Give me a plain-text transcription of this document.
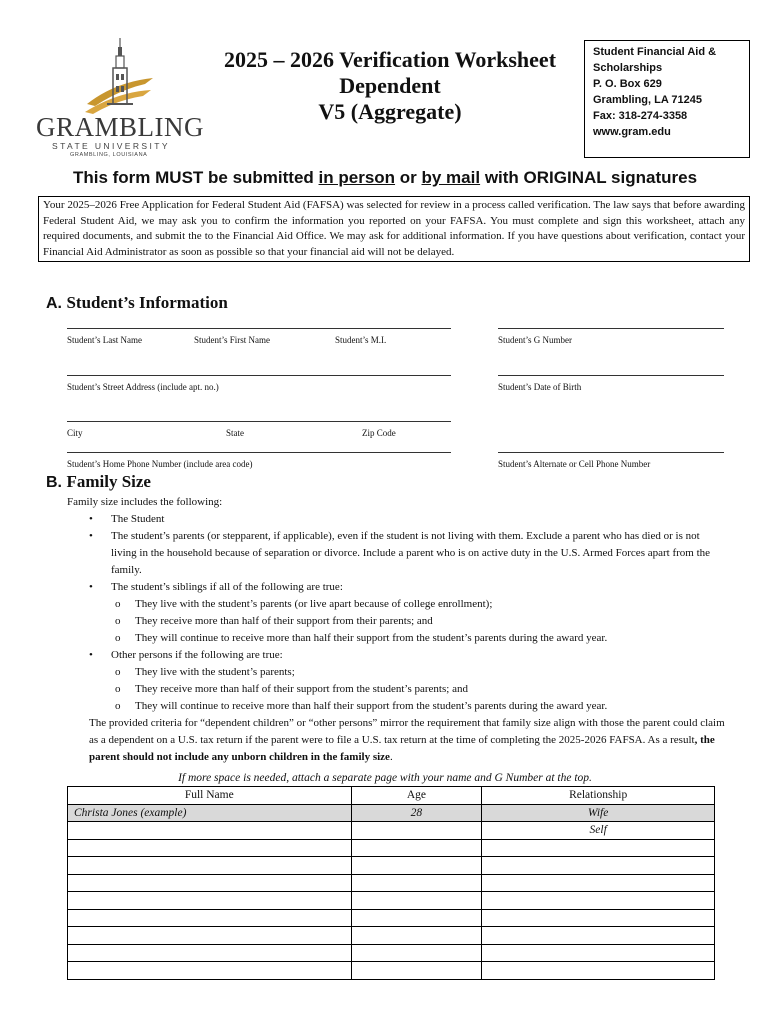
GRAMBLING
STATE UNIVERSITY
GRAMBLING, LOUISIANA
2025 – 2026 Verification Worksheet
Dependent
V5 (Aggregate)
Student Financial Aid &
Scholarships
P. O. Box 629
Grambling, LA 71245
Fax: 318-274-3358
www.gram.edu
This form MUST be submitted in person or by mail with ORIGINAL signatures
Your 2025–2026 Free Application for Federal Student Aid (FAFSA) was selected for review in a process called verification. The law says that before awarding Federal Student Aid, we may ask you to confirm the information you reported on your FAFSA. You must complete and sign this worksheet, attach any required documents, and submit the to the Financial Aid Office. We may ask for additional information. If you have questions about verification, contact your Financial Aid Administrator as soon as possible so that your financial aid will not be delayed.
A. Student’s Information
Student’s Last Name	Student’s First Name	Student’s M.I.	Student’s G Number
Student’s Street Address (include apt. no.)	Student’s Date of Birth
City	State	Zip Code
Student’s Home Phone Number (include area code)	Student’s Alternate or Cell Phone Number
B. Family Size
Family size includes the following:
• The Student
• The student’s parents (or stepparent, if applicable), even if the student is not living with them. Exclude a parent who has died or is not living in the household because of separation or divorce. Include a parent who is on active duty in the U.S. Armed Forces apart from the family.
• The student’s siblings if all of the following are true:
o They live with the student’s parents (or live apart because of college enrollment);
o They receive more than half of their support from their parents; and
o They will continue to receive more than half their support from the student’s parents during the award year.
• Other persons if the following are true:
o They live with the student’s parents;
o They receive more than half of their support from the student’s parents; and
o They will continue to receive more than half their support from the student’s parents during the award year.
The provided criteria for “dependent children” or “other persons” mirror the requirement that family size align with those the parent could claim as a dependent on a U.S. tax return if the parent were to file a U.S. tax return at the time of completing the 2025-2026 FAFSA. As a result, the parent should not include any unborn children in the family size.
If more space is needed, attach a separate page with your name and G Number at the top.
Full Name	Age	Relationship
Christa Jones (example)	28	Wife
		Self
